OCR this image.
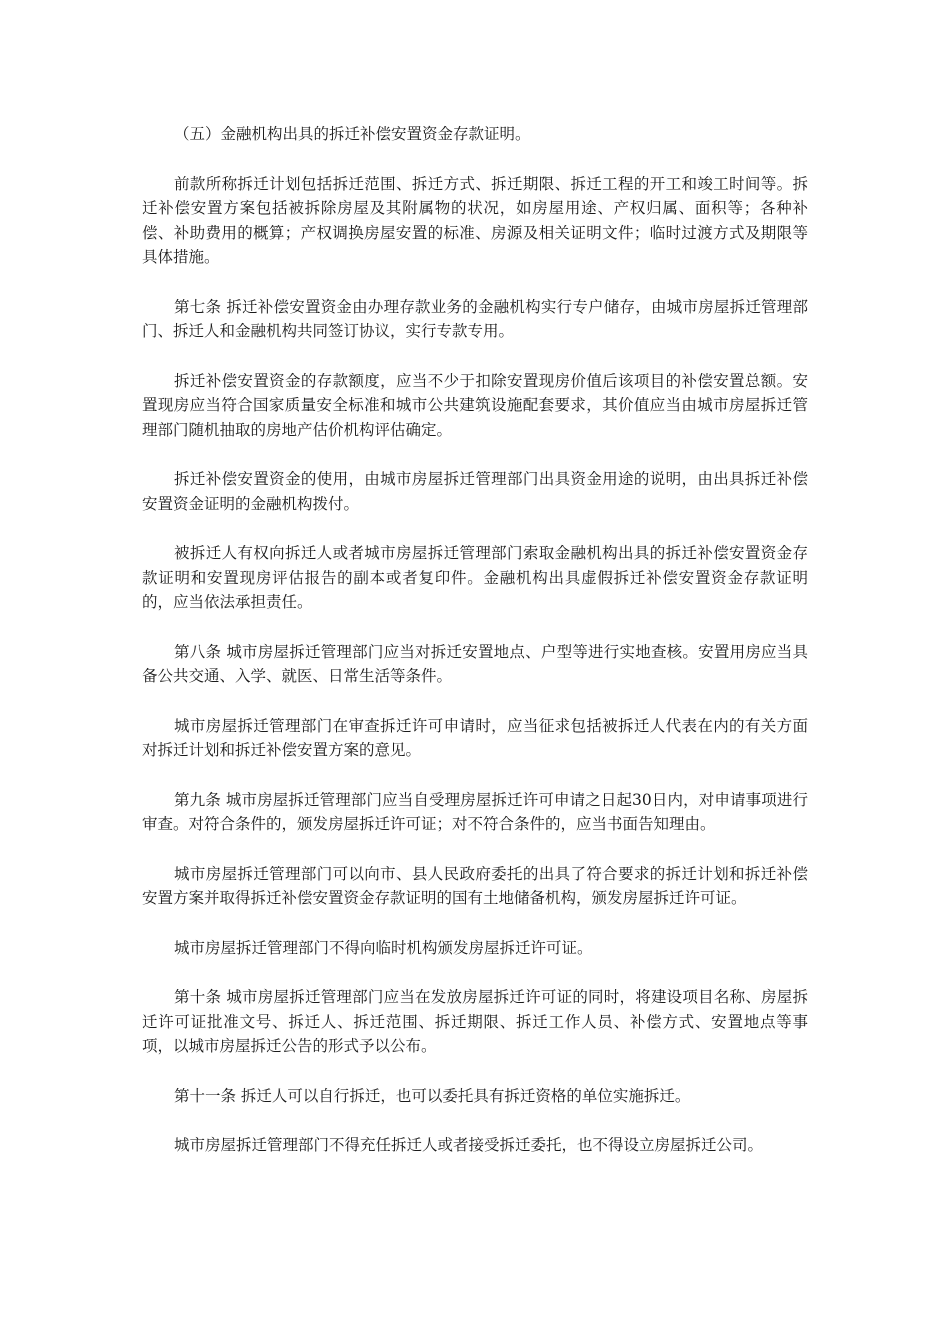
（五）金融机构出具的拆迁补偿安置资金存款证明。

前款所称拆迁计划包括拆迁范围、拆迁方式、拆迁期限、拆迁工程的开工和竣工时间等。拆迁补偿安置方案包括被拆除房屋及其附属物的状况，如房屋用途、产权归属、面积等；各种补偿、补助费用的概算；产权调换房屋安置的标准、房源及相关证明文件；临时过渡方式及期限等具体措施。

第七条 拆迁补偿安置资金由办理存款业务的金融机构实行专户储存，由城市房屋拆迁管理部门、拆迁人和金融机构共同签订协议，实行专款专用。

拆迁补偿安置资金的存款额度，应当不少于扣除安置现房价值后该项目的补偿安置总额。安置现房应当符合国家质量安全标准和城市公共建筑设施配套要求，其价值应当由城市房屋拆迁管理部门随机抽取的房地产估价机构评估确定。

拆迁补偿安置资金的使用，由城市房屋拆迁管理部门出具资金用途的说明，由出具拆迁补偿安置资金证明的金融机构拨付。

被拆迁人有权向拆迁人或者城市房屋拆迁管理部门索取金融机构出具的拆迁补偿安置资金存款证明和安置现房评估报告的副本或者复印件。金融机构出具虚假拆迁补偿安置资金存款证明的，应当依法承担责任。

第八条 城市房屋拆迁管理部门应当对拆迁安置地点、户型等进行实地查核。安置用房应当具备公共交通、入学、就医、日常生活等条件。

城市房屋拆迁管理部门在审查拆迁许可申请时，应当征求包括被拆迁人代表在内的有关方面对拆迁计划和拆迁补偿安置方案的意见。

第九条 城市房屋拆迁管理部门应当自受理房屋拆迁许可申请之日起30日内，对申请事项进行审查。对符合条件的，颁发房屋拆迁许可证；对不符合条件的，应当书面告知理由。

城市房屋拆迁管理部门可以向市、县人民政府委托的出具了符合要求的拆迁计划和拆迁补偿安置方案并取得拆迁补偿安置资金存款证明的国有土地储备机构，颁发房屋拆迁许可证。

城市房屋拆迁管理部门不得向临时机构颁发房屋拆迁许可证。

第十条 城市房屋拆迁管理部门应当在发放房屋拆迁许可证的同时，将建设项目名称、房屋拆迁许可证批准文号、拆迁人、拆迁范围、拆迁期限、拆迁工作人员、补偿方式、安置地点等事项，以城市房屋拆迁公告的形式予以公布。

第十一条 拆迁人可以自行拆迁，也可以委托具有拆迁资格的单位实施拆迁。

城市房屋拆迁管理部门不得充任拆迁人或者接受拆迁委托，也不得设立房屋拆迁公司。
